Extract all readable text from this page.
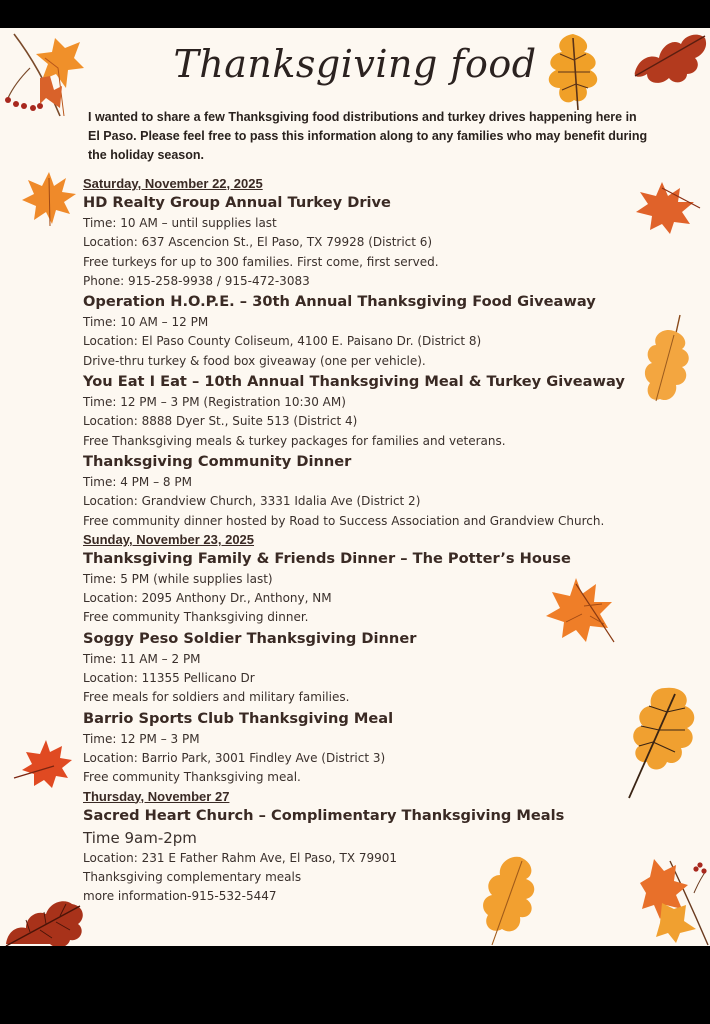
Thanksgiving food
I wanted to share a few Thanksgiving food distributions and turkey drives happening here in El Paso. Please feel free to pass this information along to any families who may benefit during the holiday season.
Saturday, November 22, 2025
HD Realty Group Annual Turkey Drive
Time: 10 AM – until supplies last
Location: 637 Ascencion St., El Paso, TX 79928 (District 6)
Free turkeys for up to 300 families. First come, first served.
Phone: 915-258-9938 / 915-472-3083
Operation H.O.P.E. – 30th Annual Thanksgiving Food Giveaway
Time: 10 AM – 12 PM
Location: El Paso County Coliseum, 4100 E. Paisano Dr. (District 8)
Drive-thru turkey & food box giveaway (one per vehicle).
You Eat I Eat – 10th Annual Thanksgiving Meal & Turkey Giveaway
Time: 12 PM – 3 PM (Registration 10:30 AM)
Location: 8888 Dyer St., Suite 513 (District 4)
Free Thanksgiving meals & turkey packages for families and veterans.
Thanksgiving Community Dinner
Time: 4 PM – 8 PM
Location: Grandview Church, 3331 Idalia Ave (District 2)
Free community dinner hosted by Road to Success Association and Grandview Church.
Sunday, November 23, 2025
Thanksgiving Family & Friends Dinner – The Potter’s House
Time: 5 PM (while supplies last)
Location: 2095 Anthony Dr., Anthony, NM
Free community Thanksgiving dinner.
Soggy Peso Soldier Thanksgiving Dinner
Time: 11 AM – 2 PM
Location: 11355 Pellicano Dr
Free meals for soldiers and military families.
Barrio Sports Club Thanksgiving Meal
Time: 12 PM – 3 PM
Location: Barrio Park, 3001 Findley Ave (District 3)
Free community Thanksgiving meal.
Thursday, November 27
Sacred Heart Church – Complimentary Thanksgiving Meals
Time 9am-2pm
Location: 231 E Father Rahm Ave, El Paso, TX 79901
Thanksgiving complementary meals
more information-915-532-5447
